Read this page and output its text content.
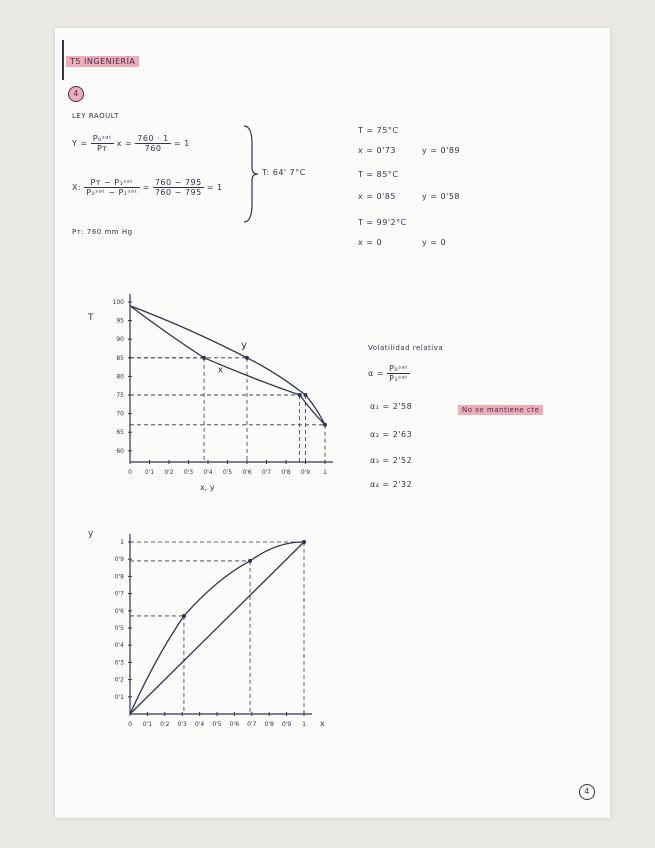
T5 INGENIERÍA
4
LEY RAOULT
$Y = \frac{\text{P₀ˢᵃᵗ}}{\text{Pᴛ}}$ $x = \frac{760 \cdot 1}{760} = 1$
X: $\frac{\text{Pᴛ − P₁ˢᵃᵗ}}{\text{P₀ˢᵃᵗ − P₁ˢᵃᵗ}} = \frac{760 - 795}{760 - 795} = 1$
Pᴛ: 760 mm Hg
T: 64' 7°C
T = 75°C
x = 0'73	y = 0'89
T = 85°C
x = 0'85	y = 0'58
T = 99'2°C
x = 0	y = 0
Volatilidad relativa
$\alpha = \frac{\text{P₀ˢᵃᵗ}}{\text{P₁ˢᵃᵗ}}$
α₁ = 2'58
α₂ = 2'63
α₃ = 2'52
α₄ = 2'32
No se mantiene cte
0 0'1 0'2 0'3 0'4 0'5 0'6 0'7 0'8 0'9 1
60
65
70
75
80
85
90
95
100
x, y
T
y
x
0 0'1 0'2 0'3 0'4 0'5 0'6 0'7 0'8 0'9 1
0'1
0'2
0'3
0'4
0'5
0'6
0'7
0'8
0'9
1
x
y
4
